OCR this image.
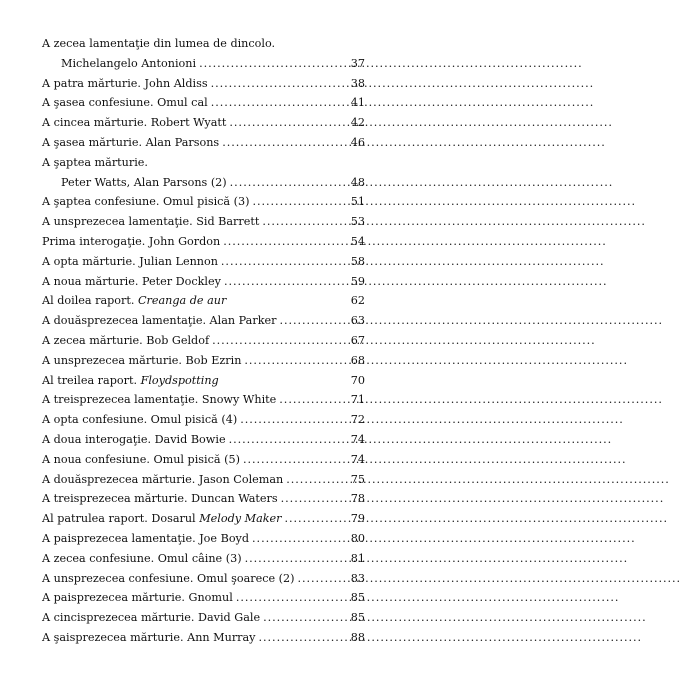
A zecea lamentaţie din lumea de dincolo.
Michelangelo Antonioni . . .	37
A patra mărturie. John Aldiss . . .	38
A şasea confesiune. Omul cal . . .	41
A cincea mărturie. Robert Wyatt . . .	42
A şasea mărturie. Alan Parsons . . .	46
A şaptea mărturie.
Peter Watts, Alan Parsons (2) . . .	48
A şaptea confesiune. Omul pisică (3) . . .	51
A unsprezecea lamentaţie. Sid Barrett . . .	53
Prima interogaţie. John Gordon . . .	54
A opta mărturie. Julian Lennon . . .	58
A noua mărturie. Peter Dockley . . .	59
Al doilea raport. Creanga de aur	62
A douăsprezecea lamentaţie. Alan Parker . . .	63
A zecea mărturie. Bob Geldof . . .	67
A unsprezecea mărturie. Bob Ezrin . . .	68
Al treilea raport. Floydspotting	70
A treisprezecea lamentaţie. Snowy White . . .	71
A opta confesiune. Omul pisică (4) . . .	72
A doua interogaţie. David Bowie . . .	74
A noua confesiune. Omul pisică (5) . . .	74
A douăsprezecea mărturie. Jason Coleman . . .	75
A treisprezecea mărturie. Duncan Waters . . .	78
Al patrulea raport. Dosarul Melody Maker . . .	79
A paisprezecea lamentaţie. Joe Boyd . . .	80
A zecea confesiune. Omul câine (3) . . .	81
A unsprezecea confesiune. Omul şoarece (2) . . .	83
A paisprezecea mărturie. Gnomul . . .	85
A cincisprezecea mărturie. David Gale . . .	85
A şaisprezecea mărturie. Ann Murray . . .	88
